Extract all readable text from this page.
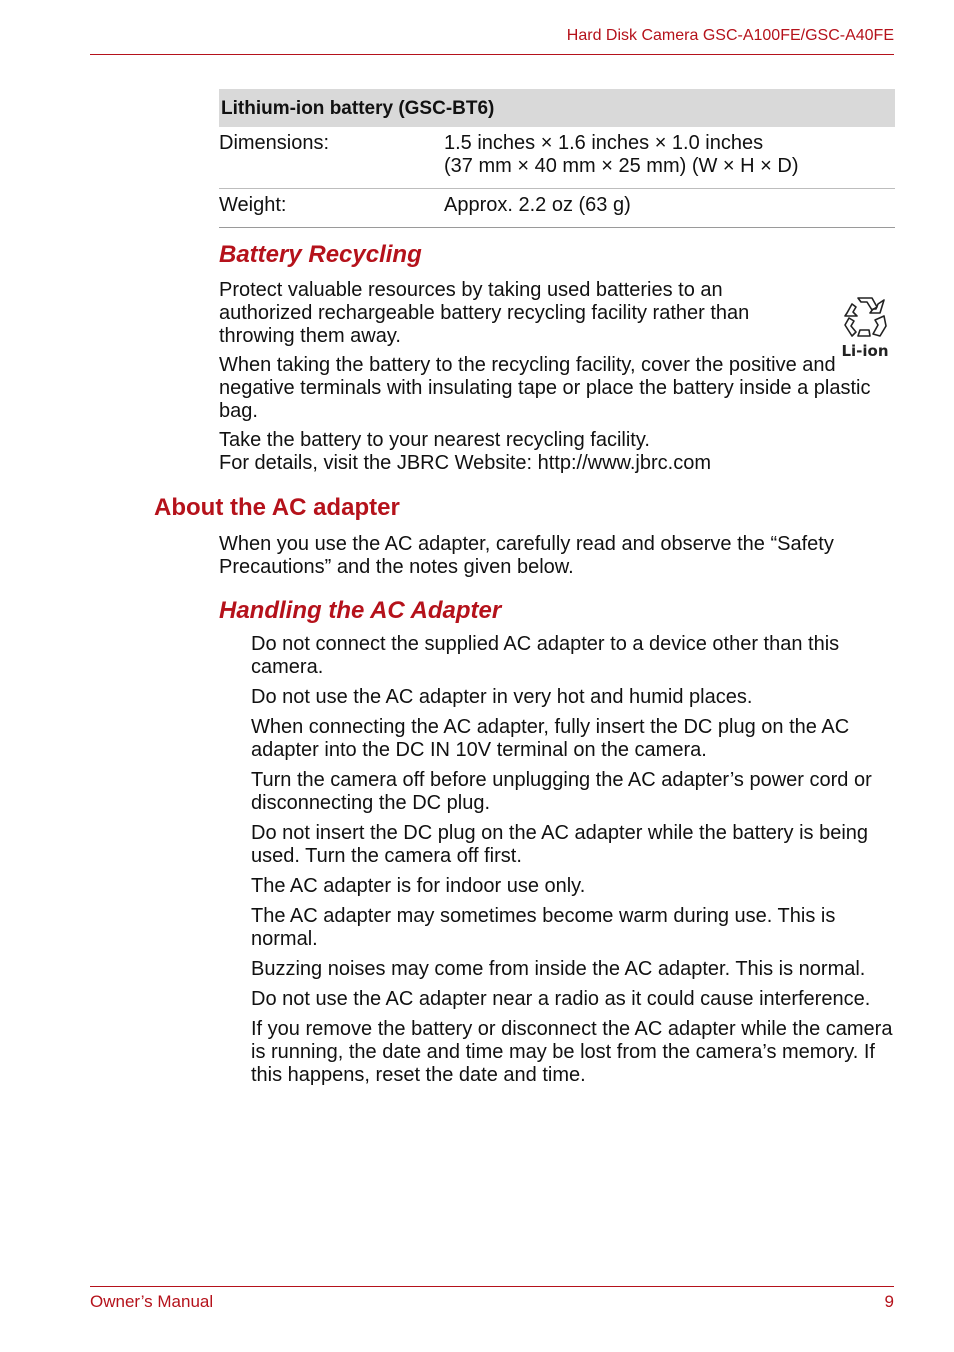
Hard Disk Camera GSC-A100FE/GSC-A40FE
Lithium-ion battery (GSC-BT6)	
Dimensions:	1.5 inches × 1.6 inches × 1.0 inches
(37 mm × 40 mm × 25 mm) (W × H × D)

Weight:	Approx. 2.2 oz (63 g)
Battery Recycling

Protect valuable resources by taking used batteries to an authorized rechargeable battery recycling facility rather than throwing them away.

When taking the battery to the recycling facility, cover the positive and negative terminals with insulating tape or place the battery inside a plastic bag.

Take the battery to your nearest recycling facility.
For details, visit the JBRC Website: http://www.jbrc.com

Li-ion
About the AC adapter

When you use the AC adapter, carefully read and observe the “Safety Precautions” and the notes given below.

Handling the AC Adapter
Do not connect the supplied AC adapter to a device other than this camera.
Do not use the AC adapter in very hot and humid places.
When connecting the AC adapter, fully insert the DC plug on the AC adapter into the DC IN 10V terminal on the camera.
Turn the camera off before unplugging the AC adapter’s power cord or disconnecting the DC plug.
Do not insert the DC plug on the AC adapter while the battery is being used. Turn the camera off first.
The AC adapter is for indoor use only.
The AC adapter may sometimes become warm during use. This is normal.
Buzzing noises may come from inside the AC adapter. This is normal.
Do not use the AC adapter near a radio as it could cause interference.
If you remove the battery or disconnect the AC adapter while the camera is running, the date and time may be lost from the camera’s memory. If this happens, reset the date and time.
Owner’s Manual	9
